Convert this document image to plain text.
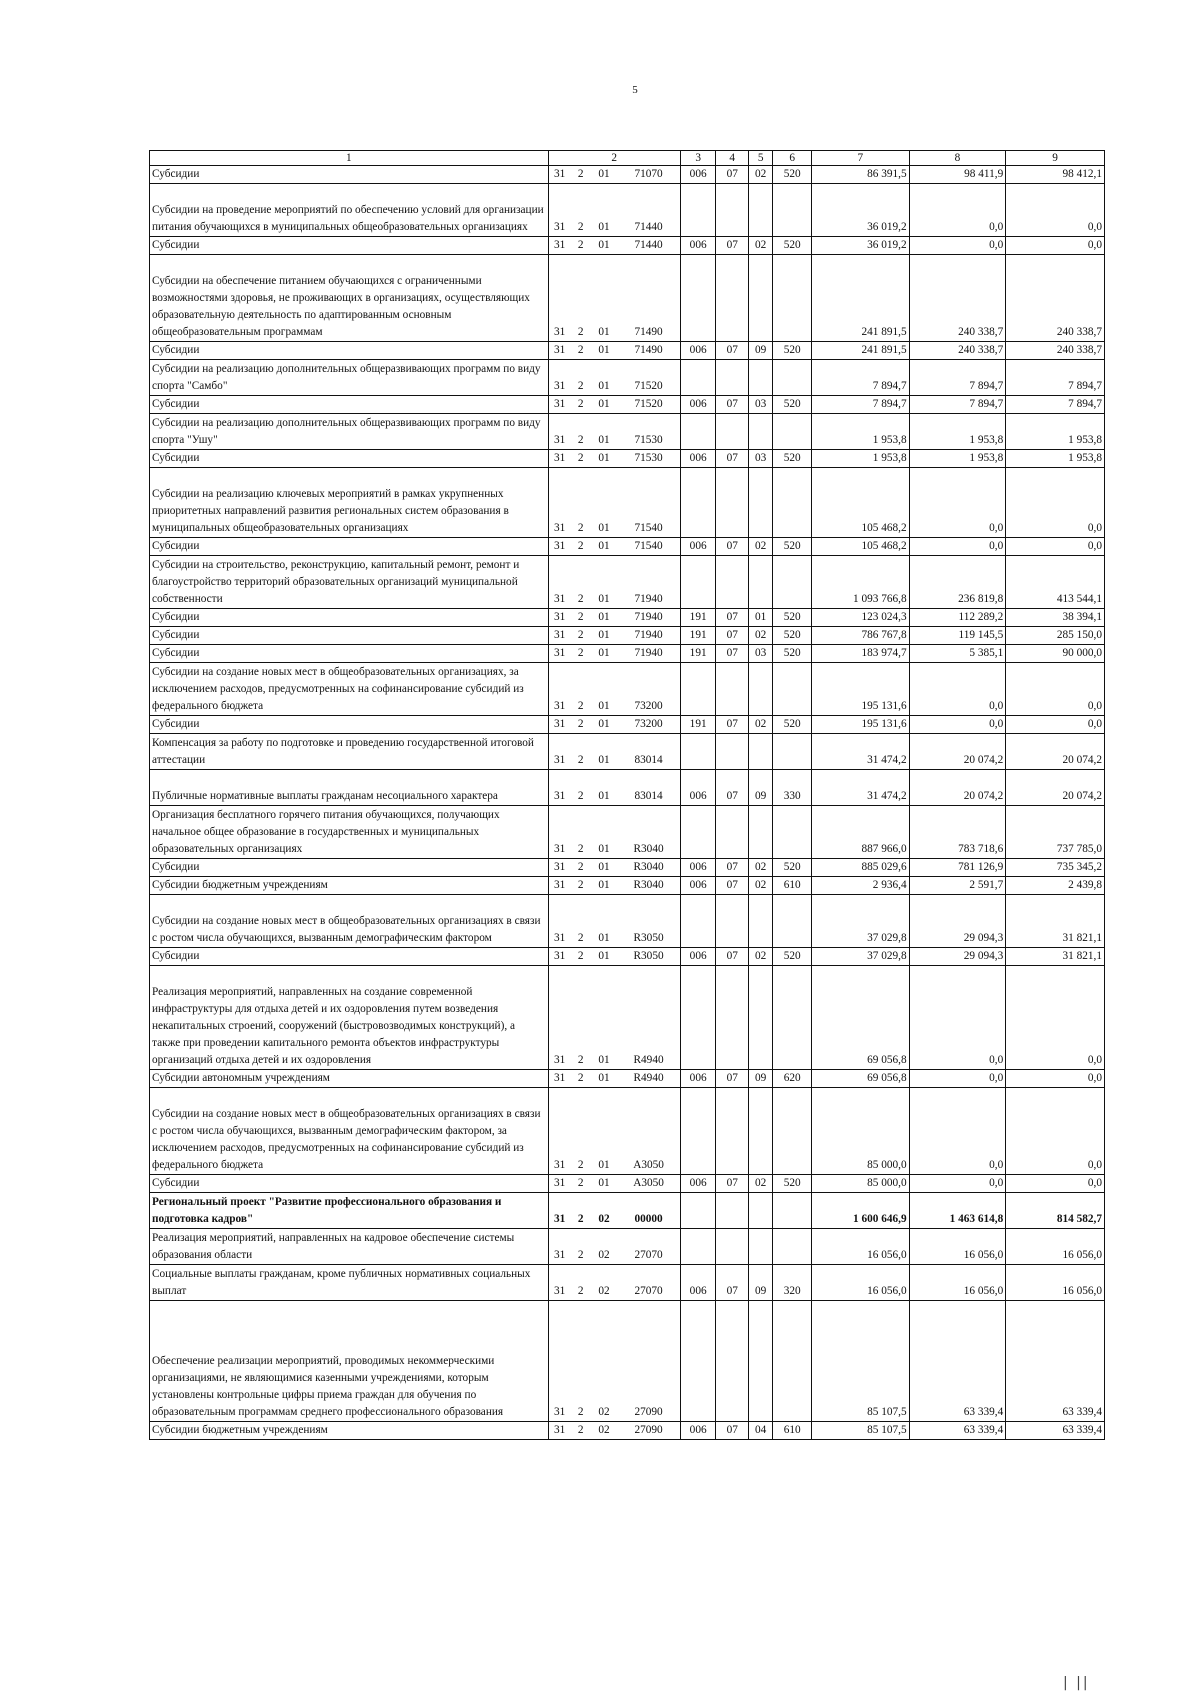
5
1	2				3	4	5	6	7	8	9
Субсидии	31	2	01	71070	006	07	02	520	86 391,5	98 411,9	98 412,1
Субсидии на проведение мероприятий по обеспечению условий для организации питания обучающихся в муниципальных общеобразовательных организациях	31	2	01	71440					36 019,2	0,0	0,0
Субсидии	31	2	01	71440	006	07	02	520	36 019,2	0,0	0,0
Субсидии на обеспечение питанием обучающихся с ограниченными возможностями здоровья, не проживающих в организациях, осуществляющих образовательную деятельность по адаптированным основным общеобразовательным программам	31	2	01	71490					241 891,5	240 338,7	240 338,7
Субсидии	31	2	01	71490	006	07	09	520	241 891,5	240 338,7	240 338,7
Субсидии на реализацию дополнительных общеразвивающих программ по виду спорта "Самбо"	31	2	01	71520					7 894,7	7 894,7	7 894,7
Субсидии	31	2	01	71520	006	07	03	520	7 894,7	7 894,7	7 894,7
Субсидии на реализацию дополнительных общеразвивающих программ по виду спорта "Ушу"	31	2	01	71530					1 953,8	1 953,8	1 953,8
Субсидии	31	2	01	71530	006	07	03	520	1 953,8	1 953,8	1 953,8
Субсидии на реализацию ключевых мероприятий в рамках укрупненных приоритетных направлений развития региональных систем образования в муниципальных общеобразовательных организациях	31	2	01	71540					105 468,2	0,0	0,0
Субсидии	31	2	01	71540	006	07	02	520	105 468,2	0,0	0,0
Субсидии на строительство, реконструкцию, капитальный ремонт, ремонт и благоустройство территорий образовательных организаций муниципальной собственности	31	2	01	71940					1 093 766,8	236 819,8	413 544,1
Субсидии	31	2	01	71940	191	07	01	520	123 024,3	112 289,2	38 394,1
Субсидии	31	2	01	71940	191	07	02	520	786 767,8	119 145,5	285 150,0
Субсидии	31	2	01	71940	191	07	03	520	183 974,7	5 385,1	90 000,0
Субсидии на создание новых мест в общеобразовательных организациях, за исключением расходов, предусмотренных на софинансирование субсидий из федерального бюджета	31	2	01	73200					195 131,6	0,0	0,0
Субсидии	31	2	01	73200	191	07	02	520	195 131,6	0,0	0,0
Компенсация за работу по подготовке и проведению государственной итоговой аттестации	31	2	01	83014					31 474,2	20 074,2	20 074,2
Публичные нормативные выплаты гражданам несоциального характера	31	2	01	83014	006	07	09	330	31 474,2	20 074,2	20 074,2
Организация бесплатного горячего питания обучающихся, получающих начальное общее образование в государственных и муниципальных образовательных организациях	31	2	01	R3040					887 966,0	783 718,6	737 785,0
Субсидии	31	2	01	R3040	006	07	02	520	885 029,6	781 126,9	735 345,2
Субсидии бюджетным учреждениям	31	2	01	R3040	006	07	02	610	2 936,4	2 591,7	2 439,8
Субсидии на создание новых мест в общеобразовательных организациях в связи с ростом числа обучающихся, вызванным демографическим фактором	31	2	01	R3050					37 029,8	29 094,3	31 821,1
Субсидии	31	2	01	R3050	006	07	02	520	37 029,8	29 094,3	31 821,1
Реализация мероприятий, направленных на создание современной инфраструктуры для отдыха детей и их оздоровления путем возведения некапитальных строений, сооружений (быстровозводимых конструкций), а также при проведении капитального ремонта объектов инфраструктуры организаций отдыха детей и их оздоровления	31	2	01	R4940					69 056,8	0,0	0,0
Субсидии автономным учреждениям	31	2	01	R4940	006	07	09	620	69 056,8	0,0	0,0
Субсидии на создание новых мест в общеобразовательных организациях в связи с ростом числа обучающихся, вызванным демографическим фактором, за исключением расходов, предусмотренных на софинансирование субсидий из федерального бюджета	31	2	01	А3050					85 000,0	0,0	0,0
Субсидии	31	2	01	А3050	006	07	02	520	85 000,0	0,0	0,0
Региональный проект "Развитие профессионального образования и подготовка кадров"	31	2	02	00000					1 600 646,9	1 463 614,8	814 582,7
Реализация мероприятий, направленных на кадровое обеспечение системы образования области	31	2	02	27070					16 056,0	16 056,0	16 056,0
Социальные выплаты гражданам, кроме публичных нормативных социальных выплат	31	2	02	27070	006	07	09	320	16 056,0	16 056,0	16 056,0
Обеспечение реализации мероприятий, проводимых некоммерческими организациями, не являющимися казенными учреждениями, которым установлены контрольные цифры приема граждан для обучения по образовательным программам среднего профессионального образования	31	2	02	27090					85 107,5	63 339,4	63 339,4
Субсидии бюджетным учреждениям	31	2	02	27090	006	07	04	610	85 107,5	63 339,4	63 339,4
| ||
